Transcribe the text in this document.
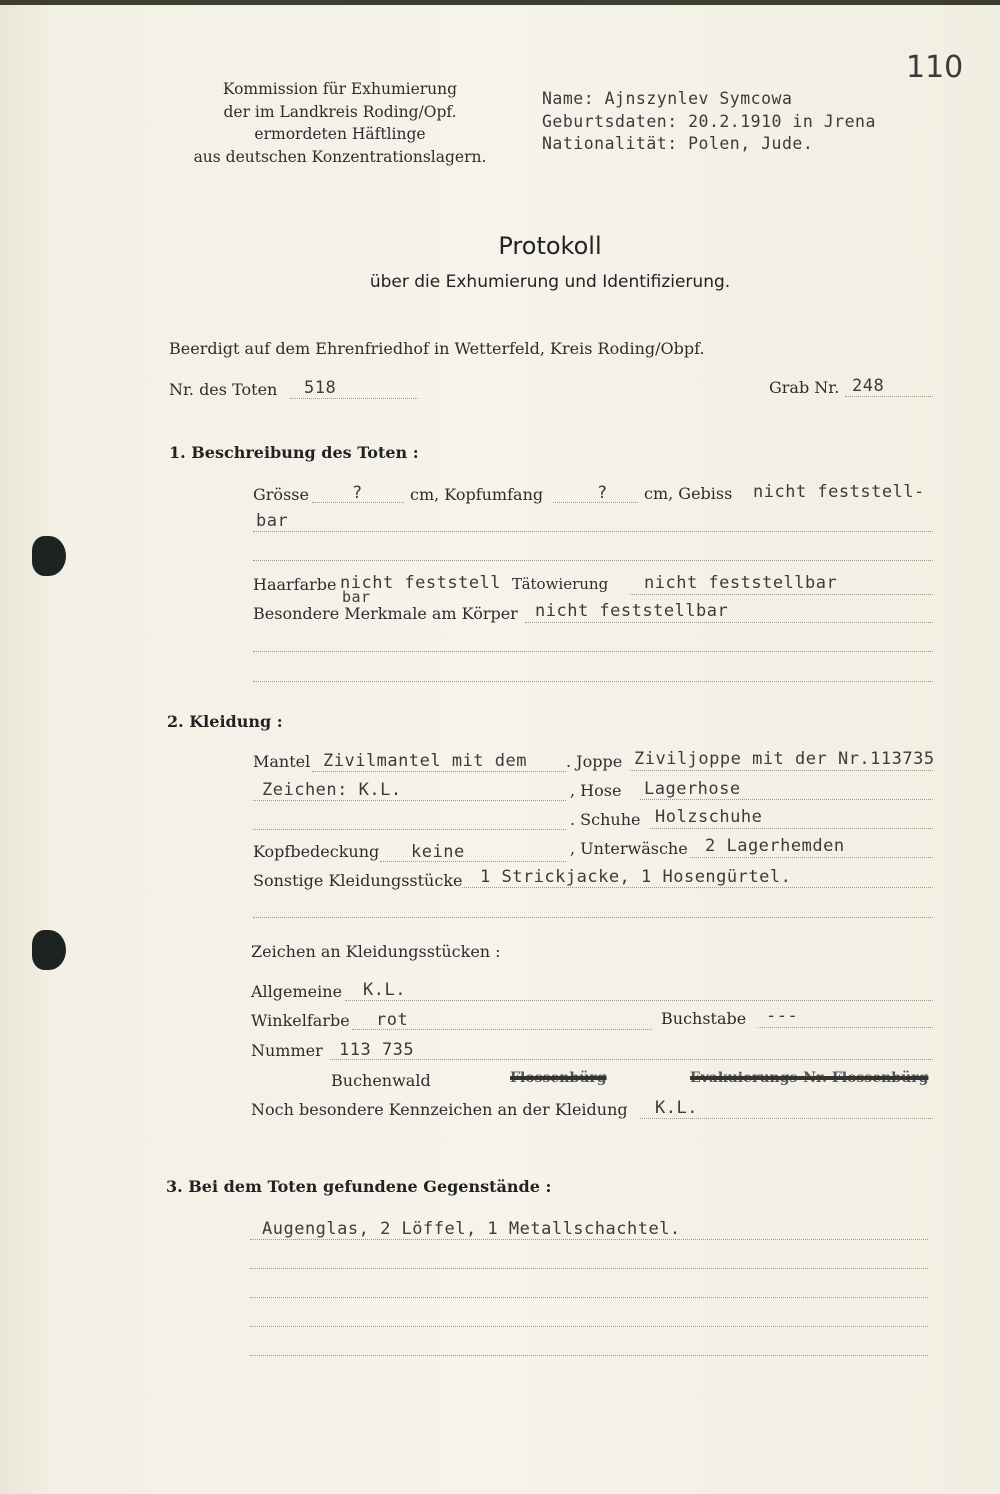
110
Kommission für Exhumierung
der im Landkreis Roding/Opf.
ermordeten Häftlinge
aus deutschen Konzentrationslagern.
Name: Ajnszynlev Symcowa
Geburtsdaten: 20.2.1910 in Jrena
Nationalität: Polen, Jude.
Protokoll
über die Exhumierung und Identifizierung.
Beerdigt auf dem Ehrenfriedhof in Wetterfeld, Kreis Roding/Obpf.
Nr. des Toten 518	Grab Nr. 248
1. Beschreibung des Toten :
Grösse	?	cm, Kopfumfang	? cm, Gebiss nicht feststell-
bar
Haarfarbe nicht feststell
bar
Tätowierung nicht feststellbar
Besondere Merkmale am Körper nicht feststellbar
2. Kleidung :
Mantel Zivilmantel mit dem . Joppe Ziviljoppe mit der Nr.113735
Zeichen: K.L.	, Hose Lagerhose
. Schuhe Holzschuhe
Kopfbedeckung keine	, Unterwäsche 2 Lagerhemden
Sonstige Kleidungsstücke 1 Strickjacke, 1 Hosengürtel.
Zeichen an Kleidungsstücken :
Allgemeine K.L.
Winkelfarbe rot	Buchstabe ---
Nummer 113 735
Buchenwald	Flossenbürg	Evakuierungs-Nr. Flossenbürg
Noch besondere Kennzeichen an der Kleidung K.L.
3. Bei dem Toten gefundene Gegenstände :
Augenglas, 2 Löffel, 1 Metallschachtel.
